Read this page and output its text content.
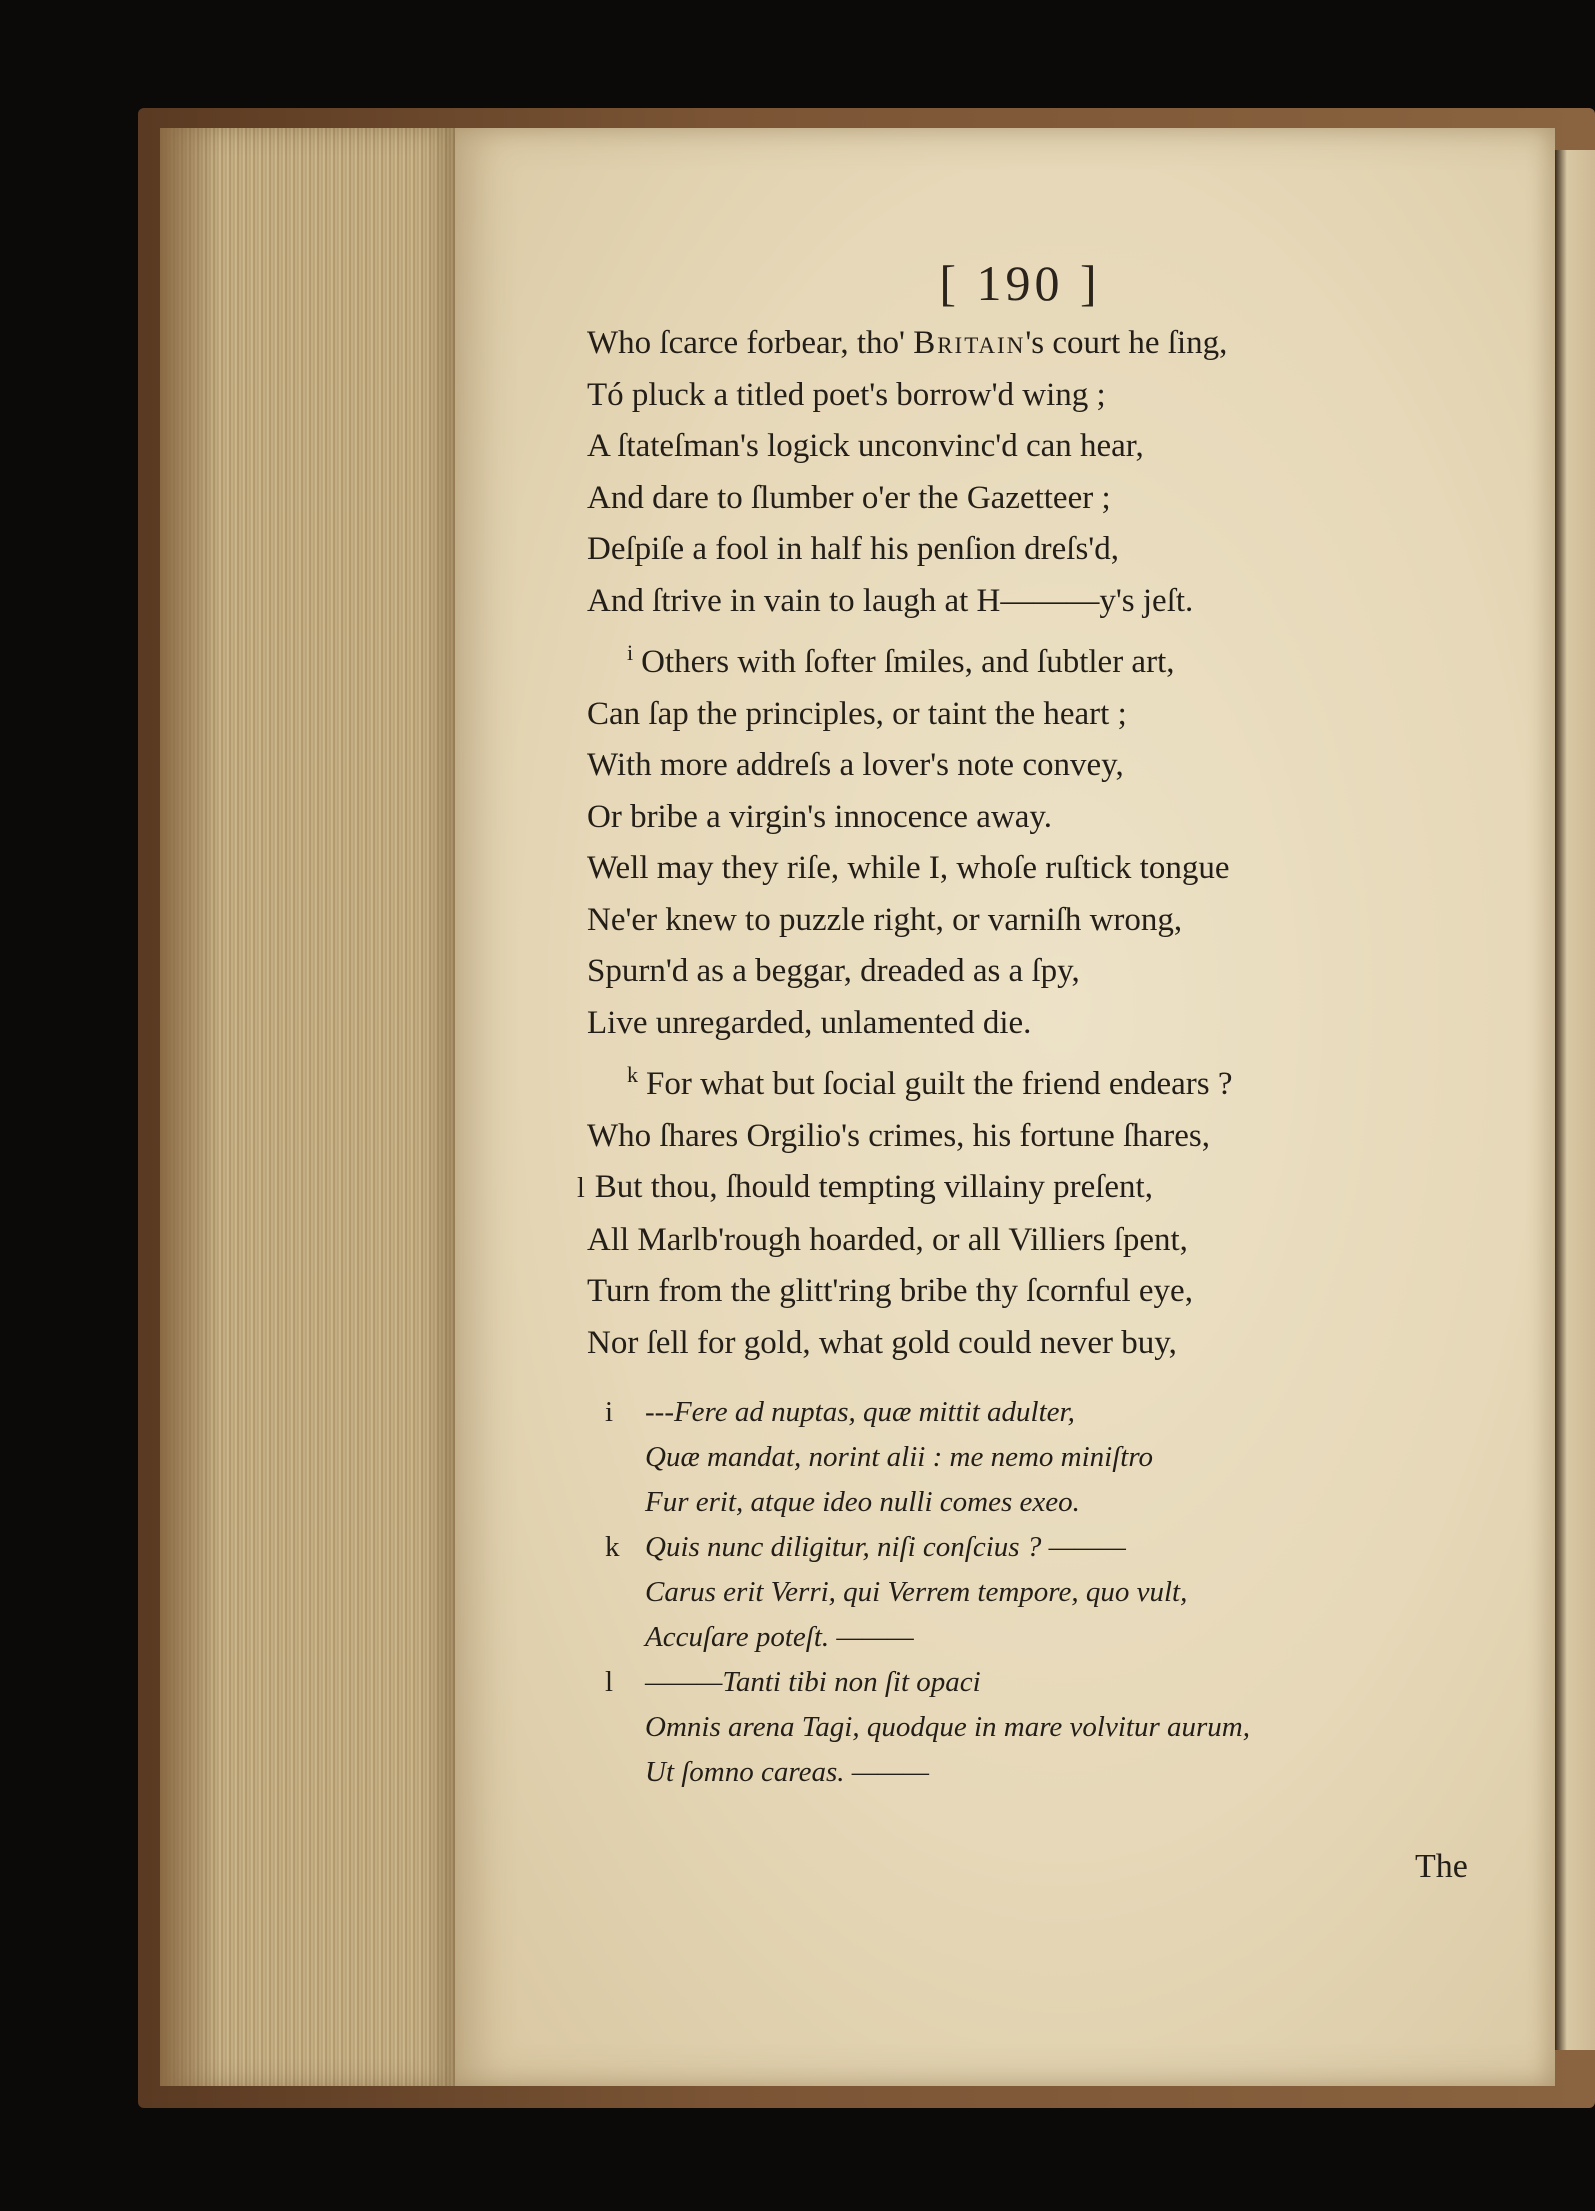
[ 190 ]
Who ſcarce forbear, tho' Britain's court he ſing,
Tó pluck a titled poet's borrow'd wing ;
A ſtateſman's logick unconvinc'd can hear,
And dare to ſlumber o'er the Gazetteer ;
Deſpiſe a fool in half his penſion dreſs'd,
And ſtrive in vain to laugh at H———y's jeſt.
$^i$ Others with ſofter ſmiles, and ſubtler art,
Can ſap the principles, or taint the heart ;
With more addreſs a lover's note convey,
Or bribe a virgin's innocence away.
Well may they riſe, while I, whoſe ruſtick tongue
Ne'er knew to puzzle right, or varniſh wrong,
Spurn'd as a beggar, dreaded as a ſpy,
Live unregarded, unlamented die.
$^k$ For what but ſocial guilt the friend endears ?
Who ſhares Orgilio's crimes, his fortune ſhares,
l But thou, ſhould tempting villainy preſent,
All Marlb'rough hoarded, or all Villiers ſpent,
Turn from the glitt'ring bribe thy ſcornful eye,
Nor ſell for gold, what gold could never buy,
i ---Fere ad nuptas, quæ mittit adulter,
Quæ mandat, norint alii : me nemo miniſtro
Fur erit, atque ideo nulli comes exeo.
k Quis nunc diligitur, niſi conſcius ? ———
Carus erit Verri, qui Verrem tempore, quo vult,
Accuſare poteſt. ———
l ———Tanti tibi non ſit opaci
Omnis arena Tagi, quodque in mare volvitur aurum,
Ut ſomno careas. ———
The
